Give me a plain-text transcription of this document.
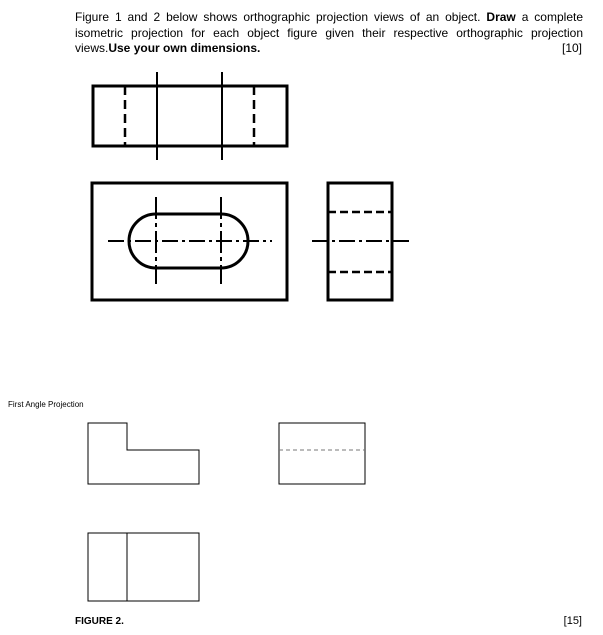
Figure 1 and 2 below shows orthographic projection views of an object. Draw a complete isometric projection for each object figure given their respective orthographic projection views.Use your own dimensions.	[10]
First Angle Projection
FIGURE 2.	[15]
